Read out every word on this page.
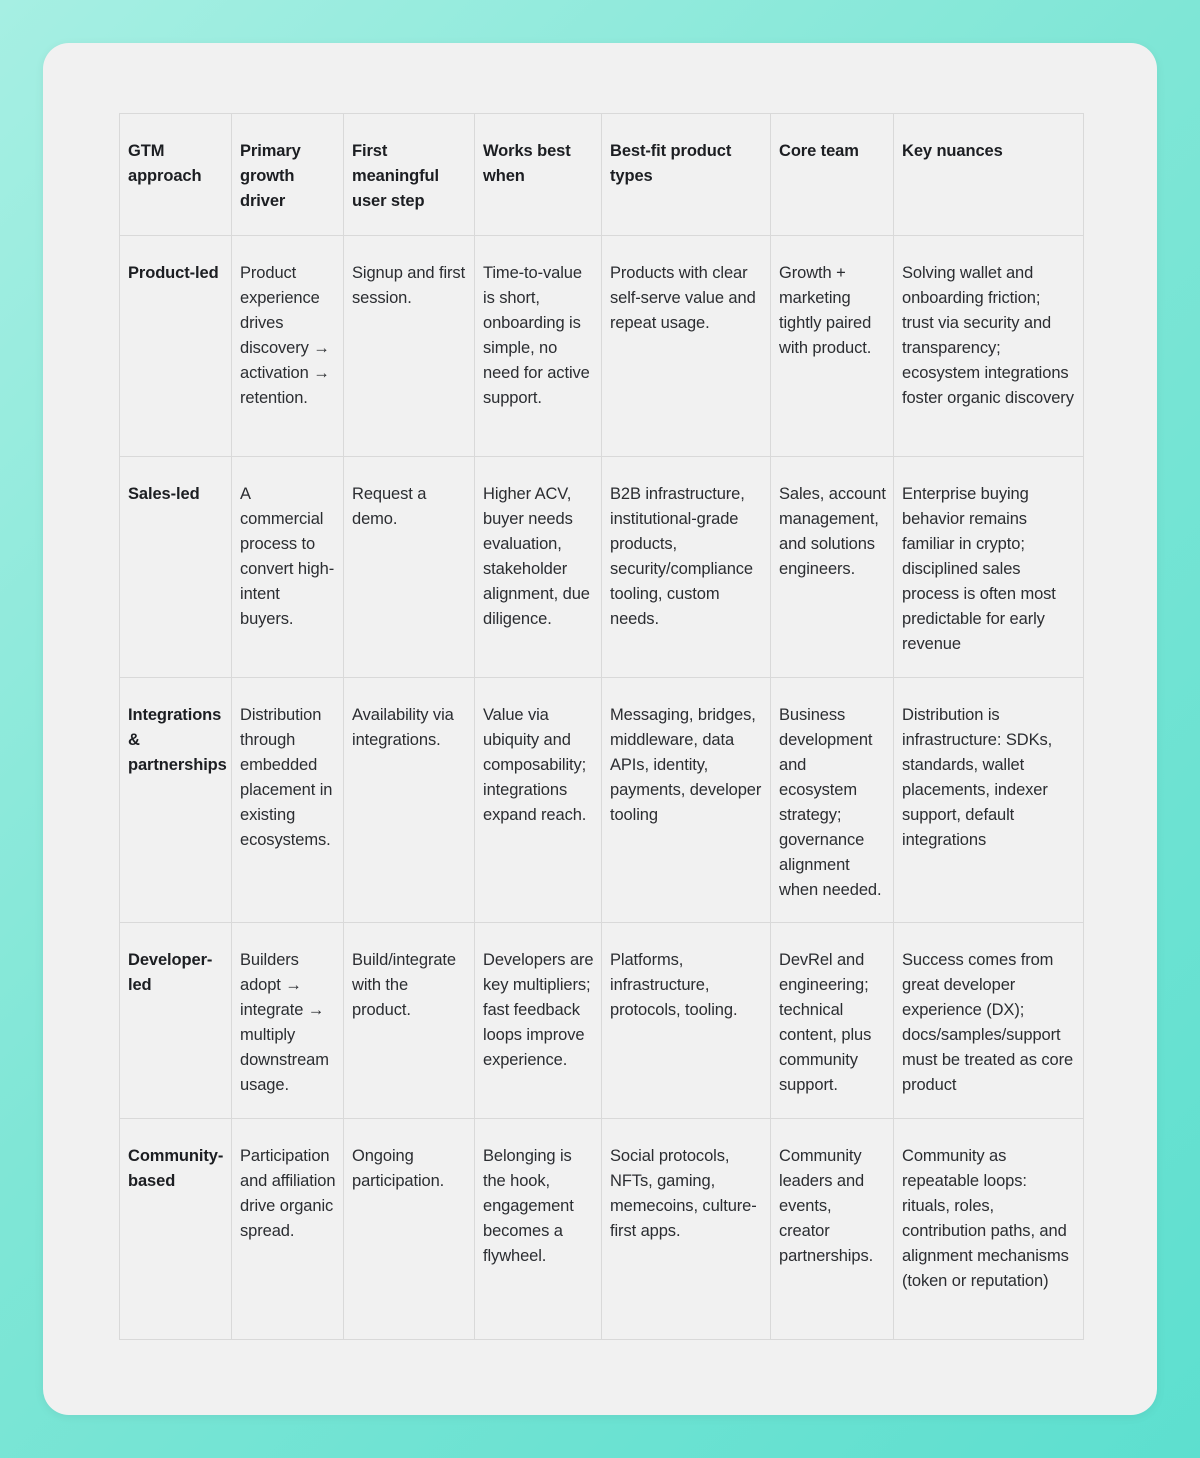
GTM approach	Primary growth driver	First meaningful user step	Works best when	Best-fit product types	Core team	Key nuances
Product-led	Product experience drives discovery → activation → retention.	Signup and first session.	Time-to-value is short, onboarding is simple, no need for active support.	Products with clear self-serve value and repeat usage.	Growth + marketing tightly paired with product.	Solving wallet and onboarding friction; trust via security and transparency; ecosystem integrations foster organic discovery
Sales-led	A commercial process to convert high-intent buyers.	Request a demo.	Higher ACV, buyer needs evaluation, stakeholder alignment, due diligence.	B2B infrastructure, institutional-grade products, security/compliance tooling, custom needs.	Sales, account management, and solutions engineers.	Enterprise buying behavior remains familiar in crypto; disciplined sales process is often most predictable for early revenue
Integrations & partnerships	Distribution through embedded placement in existing ecosystems.	Availability via integrations.	Value via ubiquity and composability; integrations expand reach.	Messaging, bridges, middleware, data APIs, identity, payments, developer tooling	Business development and ecosystem strategy; governance alignment when needed.	Distribution is infrastructure: SDKs, standards, wallet placements, indexer support, default integrations
Developer-led	Builders adopt → integrate → multiply downstream usage.	Build/integrate with the product.	Developers are key multipliers; fast feedback loops improve experience.	Platforms, infrastructure, protocols, tooling.	DevRel and engineering; technical content, plus community support.	Success comes from great developer experience (DX); docs/samples/support must be treated as core product
Community-based	Participation and affiliation drive organic spread.	Ongoing participation.	Belonging is the hook, engagement becomes a flywheel.	Social protocols, NFTs, gaming, memecoins, culture-first apps.	Community leaders and events, creator partnerships.	Community as repeatable loops: rituals, roles, contribution paths, and alignment mechanisms (token or reputation)
